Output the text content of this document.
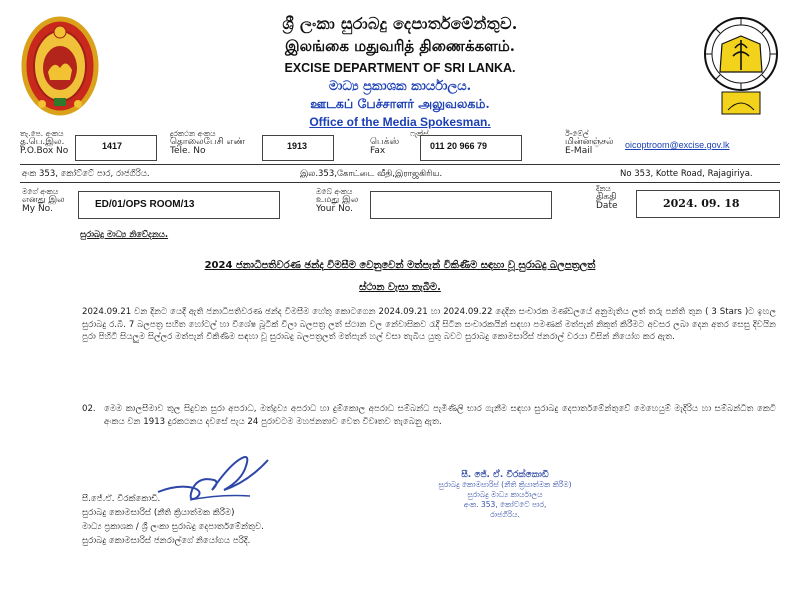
ශ්‍රී ලංකා සුරාබදු දෙපාර්තමේන්තුව.
இலங்கை மதுவரித் திணைக்களம்.
EXCISE DEPARTMENT OF SRI LANKA.
මාධ්‍ය ප්‍රකාශක කාර්යාලය.
ஊடகப் பேச்சாளர் அலுவலகம்.
Office of the Media Spokesman.
තැ.පෙ. අංකය
த.பெ.இல.
P.O.Box No	1417
දුරකථන අංකය
தொலைபேசி எண்
Tele. No	1913
ෆැක්ස්
பெக்ஸ்
Fax	011 20 966 79
ඊ-මේල්
மின்னஞ்சல்
E-Mail
oicoptroom@excise.gov.lk
අංක 353, කෝට්ටේ පාර, රාජගිරිය.	இல.353,கோட்டை வீதி,இராஜகிரிய.	No 353, Kotte Road, Rajagiriya.
මගේ අංකය
எனது இல
My No.	ED/01/OPS ROOM/13
ඔබේ අංකය
உமது இல
Your No.
දිනය
திகதி
Date	2024. 09. 18
සුරාබදු මාධ්‍ය නිවේදනය.
2024 ජනාධිපතිවරණ ඡන්ද විමසීම වෙනුවෙන් මත්පැන් විකිණීම සඳහා වූ සුරාබදු බලපත්‍රලත්
ස්ථාන වැසා තැබීම.
2024.09.21 වන දිනට යෙදී ඇති ජනාධිපතිවරණ ඡන්ද විමසීම හේතු කොටගෙන 2024.09.21 හා 2024.09.22 දෙදින සංචාරක මණ්ඩලයේ අනුමැතිය ලත් තරු පන්ති තුන ( 3 Stars )ට ඉහල සුරාබදු ර.බී. 7 බලපත්‍ර සහිත හෝටල් හා විශේෂ බූටික් විලා බලපත්‍ර ලත් ස්ථාන වල නේවාසිකව රැදී සිටින සංචාරකයින් සඳහා පමණක් මත්පැන් නිකුත් කිරීමට අවසර ලබා දෙන අතර සෙසු දිවයින පුරා පිහිටි සියලුම සිල්ලර මත්පැන් විකිණීම සඳහා වූ සුරාබදු බලපත්‍රලත් මත්පැන් හල් වසා තැබිය යුතු බවට සුරාබදු කොමසාරිස් ජනරාල් වරයා විසින් නියෝග කර ඇත.
02. මෙම කාලසීමාව තුල සිදුවන සුරා අපරාධ, මත්ද්‍රව්‍ය අපරාධ හා දුම්කොල අපරාධ සම්බන්ධ පැමිණිලි භාර ගැනීම සඳහා සුරාබදු දෙපාර්තමේන්තුවේ මෙහෙයුම් මැදිරිය හා සම්බන්ධිත කෙටි අංකය වන 1913 දුරකථනය දවසේ පැය 24 පුරාවටම මහජනතාව වෙත විවෘතව තැබෙනු ඇත.
සී.ජේ.ඒ. වීරක්කොඩි.
සුරාබදු කොමසාරිස් (නීති ක්‍රියාත්මක කිරීම)
මාධ්‍ය ප්‍රකාශක / ශ්‍රී ලංකා සුරාබදු දෙපාර්තමේන්තුව.
සුරාබදු කොමසාරිස් ජනරාල්ගේ නියෝගය පරිදි.
සී. ජේ. ඒ. වීරක්කොඩි
සුරාබදු කොමසාරිස් (නීති ක්‍රියාත්මක කිරීම)
සුරාබදු මාධ්‍ය කාර්යාලය
අංක. 353, කෝට්ටේ පාර,
රාජගිරිය.
